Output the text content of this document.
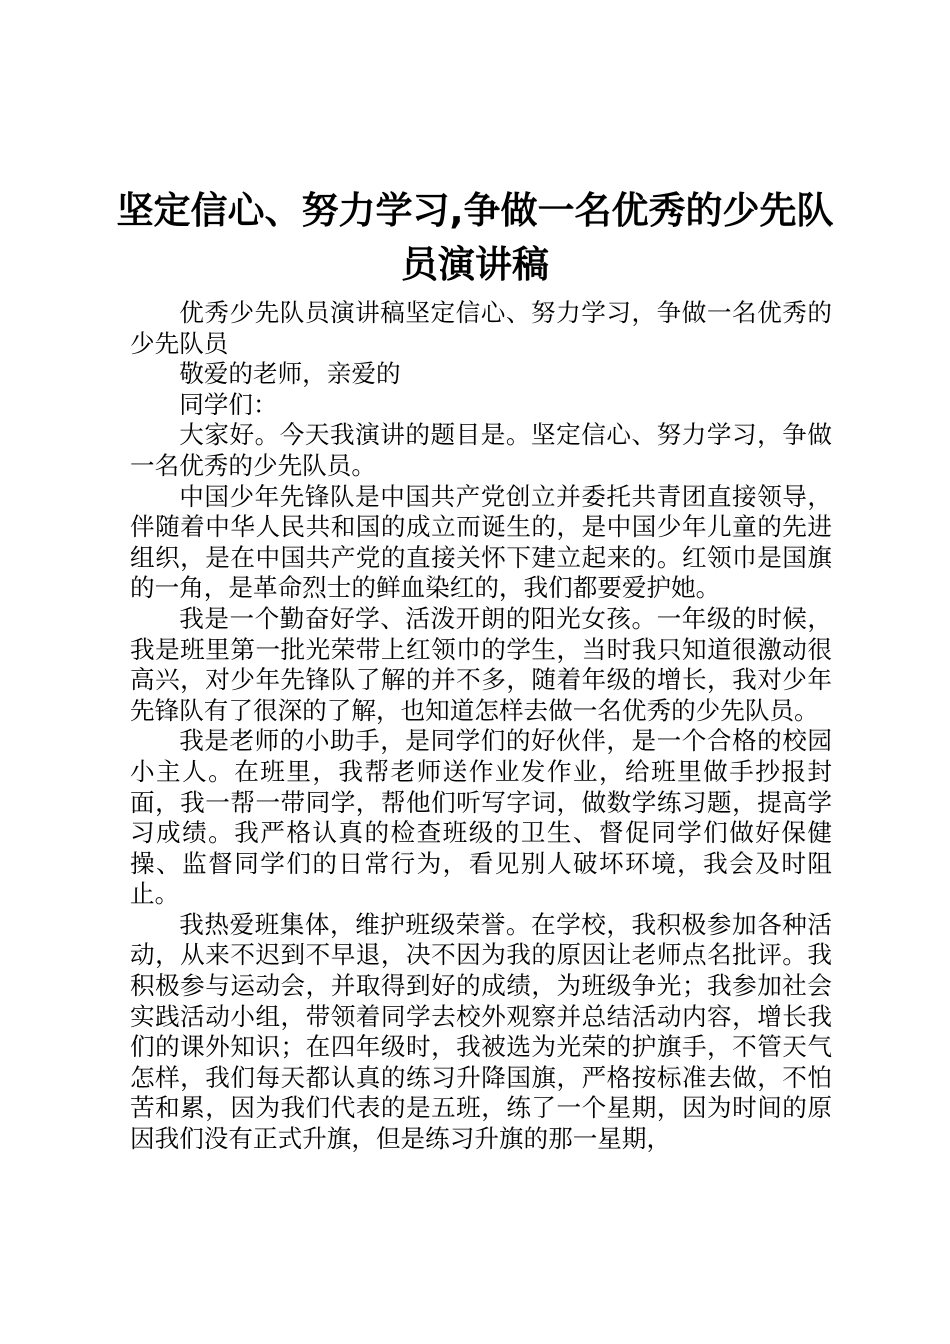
坚定信心、努力学习,争做一名优秀的少先队员演讲稿

优秀少先队员演讲稿坚定信心、努力学习，争做一名优秀的少先队员

敬爱的老师，亲爱的

同学们：

大家好。今天我演讲的题目是。坚定信心、努力学习，争做一名优秀的少先队员。

中国少年先锋队是中国共产党创立并委托共青团直接领导，伴随着中华人民共和国的成立而诞生的，是中国少年儿童的先进组织，是在中国共产党的直接关怀下建立起来的。红领巾是国旗的一角，是革命烈士的鲜血染红的，我们都要爱护她。

我是一个勤奋好学、活泼开朗的阳光女孩。一年级的时候，我是班里第一批光荣带上红领巾的学生，当时我只知道很激动很高兴，对少年先锋队了解的并不多，随着年级的增长，我对少年先锋队有了很深的了解，也知道怎样去做一名优秀的少先队员。

我是老师的小助手，是同学们的好伙伴，是一个合格的校园小主人。在班里，我帮老师送作业发作业，给班里做手抄报封面，我一帮一带同学，帮他们听写字词，做数学练习题，提高学习成绩。我严格认真的检查班级的卫生、督促同学们做好保健操、监督同学们的日常行为，看见别人破坏环境，我会及时阻止。

我热爱班集体，维护班级荣誉。在学校，我积极参加各种活动，从来不迟到不早退，决不因为我的原因让老师点名批评。我积极参与运动会，并取得到好的成绩，为班级争光；我参加社会实践活动小组，带领着同学去校外观察并总结活动内容，增长我们的课外知识；在四年级时，我被选为光荣的护旗手，不管天气怎样，我们每天都认真的练习升降国旗，严格按标准去做，不怕苦和累，因为我们代表的是五班，练了一个星期，因为时间的原因我们没有正式升旗，但是练习升旗的那一星期，
